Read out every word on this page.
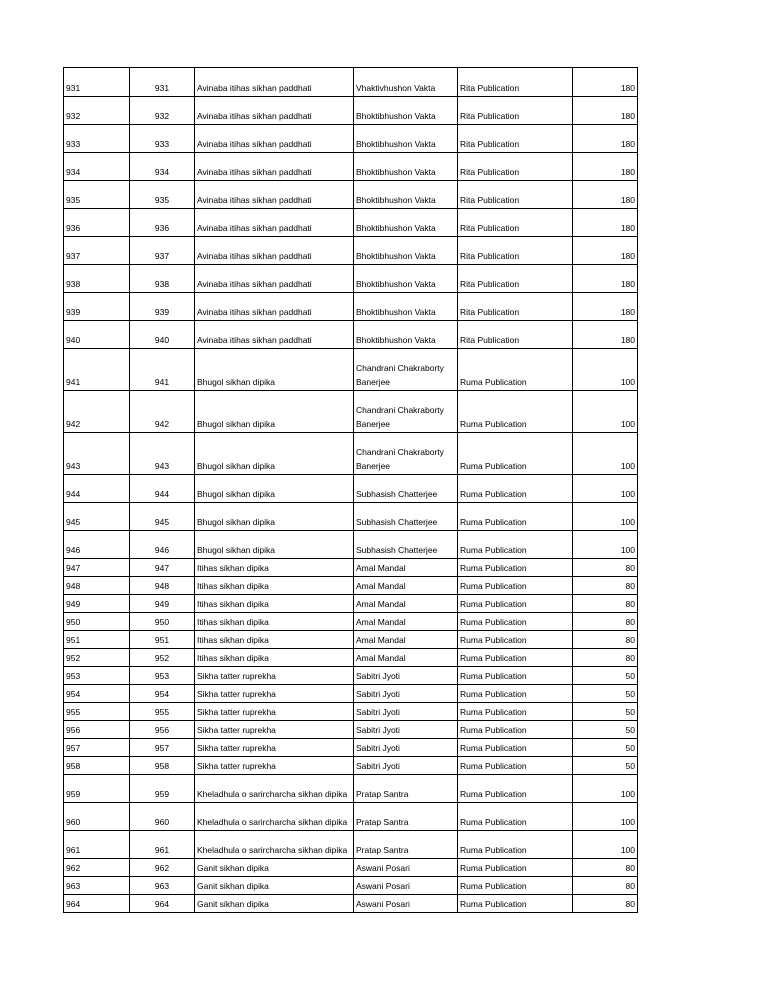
931	931	Avinaba itihas sikhan paddhati	Vhaktivhushon Vakta	Rita Publication	180
932	932	Avinaba itihas sikhan paddhati	Bhoktibhushon Vakta	Rita Publication	180
933	933	Avinaba itihas sikhan paddhati	Bhoktibhushon Vakta	Rita Publication	180
934	934	Avinaba itihas sikhan paddhati	Bhoktibhushon Vakta	Rita Publication	180
935	935	Avinaba itihas sikhan paddhati	Bhoktibhushon Vakta	Rita Publication	180
936	936	Avinaba itihas sikhan paddhati	Bhoktibhushon Vakta	Rita Publication	180
937	937	Avinaba itihas sikhan paddhati	Bhoktibhushon Vakta	Rita Publication	180
938	938	Avinaba itihas sikhan paddhati	Bhoktibhushon Vakta	Rita Publication	180
939	939	Avinaba itihas sikhan paddhati	Bhoktibhushon Vakta	Rita Publication	180
940	940	Avinaba itihas sikhan paddhati	Bhoktibhushon Vakta	Rita Publication	180
941	941	Bhugol sikhan dipika	Chandrani Chakraborty Banerjee	Ruma Publication	100
942	942	Bhugol sikhan dipika	Chandrani Chakraborty Banerjee	Ruma Publication	100
943	943	Bhugol sikhan dipika	Chandrani Chakraborty Banerjee	Ruma Publication	100
944	944	Bhugol sikhan dipika	Subhasish Chatterjee	Ruma Publication	100
945	945	Bhugol sikhan dipika	Subhasish Chatterjee	Ruma Publication	100
946	946	Bhugol sikhan dipika	Subhasish Chatterjee	Ruma Publication	100
947	947	Itihas sikhan dipika	Amal Mandal	Ruma Publication	80
948	948	Itihas sikhan dipika	Amal Mandal	Ruma Publication	80
949	949	Itihas sikhan dipika	Amal Mandal	Ruma Publication	80
950	950	Itihas sikhan dipika	Amal Mandal	Ruma Publication	80
951	951	Itihas sikhan dipika	Amal Mandal	Ruma Publication	80
952	952	Itihas sikhan dipika	Amal Mandal	Ruma Publication	80
953	953	Sikha tatter ruprekha	Sabitri Jyoti	Ruma Publication	50
954	954	Sikha tatter ruprekha	Sabitri Jyoti	Ruma Publication	50
955	955	Sikha tatter ruprekha	Sabitri Jyoti	Ruma Publication	50
956	956	Sikha tatter ruprekha	Sabitri Jyoti	Ruma Publication	50
957	957	Sikha tatter ruprekha	Sabitri Jyoti	Ruma Publication	50
958	958	Sikha tatter ruprekha	Sabitri Jyoti	Ruma Publication	50
959	959	Kheladhula o sarircharcha sikhan dipika	Pratap Santra	Ruma Publication	100
960	960	Kheladhula o sarircharcha sikhan dipika	Pratap Santra	Ruma Publication	100
961	961	Kheladhula o sarircharcha sikhan dipika	Pratap Santra	Ruma Publication	100
962	962	Ganit sikhan dipika	Aswani Posari	Ruma Publication	80
963	963	Ganit sikhan dipika	Aswani Posari	Ruma Publication	80
964	964	Ganit sikhan dipika	Aswani Posari	Ruma Publication	80
